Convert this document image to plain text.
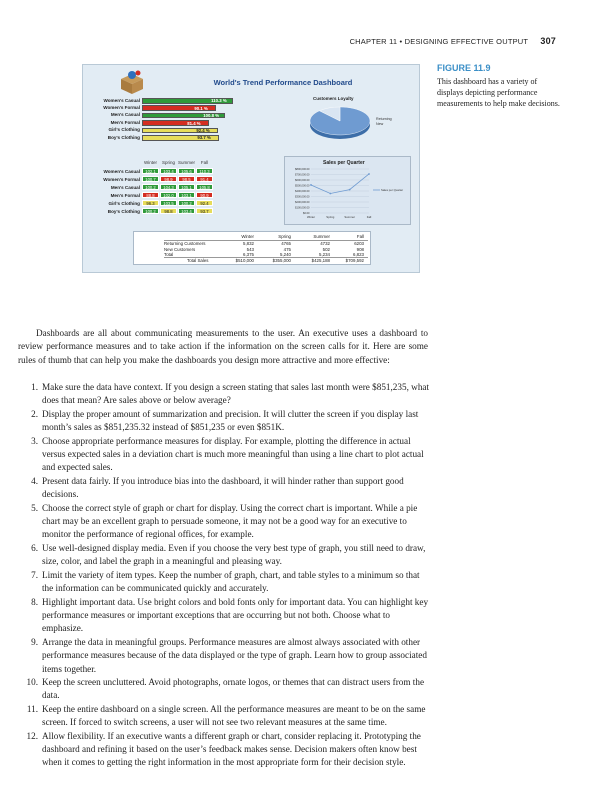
CHAPTER 11 • DESIGNING EFFECTIVE OUTPUT 307
FIGURE 11.9
This dashboard has a variety of displays depicting performance measurements to help make decisions.
World's Trend Performance Dashboard
Women's Casual	110.3 %
Women's Formal	90.1 %
Men's Casual	100.8 %
Men's Formal	81.4 %
Girl's Clothing	92.4 %
Boy's Clothing	93.7 %
Customers Loyalty
Returning
New
Winter	Spring Summer	Fall
Women's Casual	102.1	103.4	105.6	110.3
Women's Formal	100.7	98.9	98.5	91.4
Men's Casual	100.2	104.3	105.1	105.8
Men's Formal	88.8	102.0	103.1	90.9
Girl's Clothing	96.3	103.5	100.2	92.4
Boy's Clothing	100.2	98.8	103.4	93.7
Sales per Quarter
$800,000.00
$700,000.00
$600,000.00
$500,000.00
$400,000.00
$300,000.00
$200,000.00
$100,000.00
$0.00
Winter	Spring	Summer	Fall
Sales per Quarter
Winter	Spring	Summer	Fall
Returning Customers	5,832	4765	4732	6203
New Customers	543	475	502	908
Total	6,375	5,240	5,234	6,823
Total Sales	$510,000	$355,000	$425,188	$709,592

Dashboards are all about communicating measurements to the user. An executive uses a dashboard to review performance measures and to take action if the information on the screen calls for it. Here are some rules of thumb that can help you make the dashboards you design more attractive and more effective:

1. Make sure the data have context. If you design a screen stating that sales last month were $851,235, what does that mean? Are sales above or below average?
2. Display the proper amount of summarization and precision. It will clutter the screen if you display last month’s sales as $851,235.32 instead of $851,235 or even $851K.
3. Choose appropriate performance measures for display. For example, plotting the difference in actual versus expected sales in a deviation chart is much more meaningful than using a line chart to plot actual and expected sales.
4. Present data fairly. If you introduce bias into the dashboard, it will hinder rather than support good decisions.
5. Choose the correct style of graph or chart for display. Using the correct chart is important. While a pie chart may be an excellent graph to persuade someone, it may not be a good way for an executive to monitor the performance of regional offices, for example.
6. Use well-designed display media. Even if you choose the very best type of graph, you still need to draw, size, color, and label the graph in a meaningful and pleasing way.
7. Limit the variety of item types. Keep the number of graph, chart, and table styles to a minimum so that the information can be communicated quickly and accurately.
8. Highlight important data. Use bright colors and bold fonts only for important data. You can highlight key performance measures or important exceptions that are occurring but not both. Choose what to emphasize.
9. Arrange the data in meaningful groups. Performance measures are almost always associated with other performance measures because of the data displayed or the type of graph. Learn how to group associated items together.
10. Keep the screen uncluttered. Avoid photographs, ornate logos, or themes that can distract users from the data.
11. Keep the entire dashboard on a single screen. All the performance measures are meant to be on the same screen. If forced to switch screens, a user will not see two relevant measures at the same time.
12. Allow flexibility. If an executive wants a different graph or chart, consider replacing it. Prototyping the dashboard and refining it based on the user’s feedback makes sense. Decision makers often know best when it comes to getting the right information in the most appropriate form for their decision style.
